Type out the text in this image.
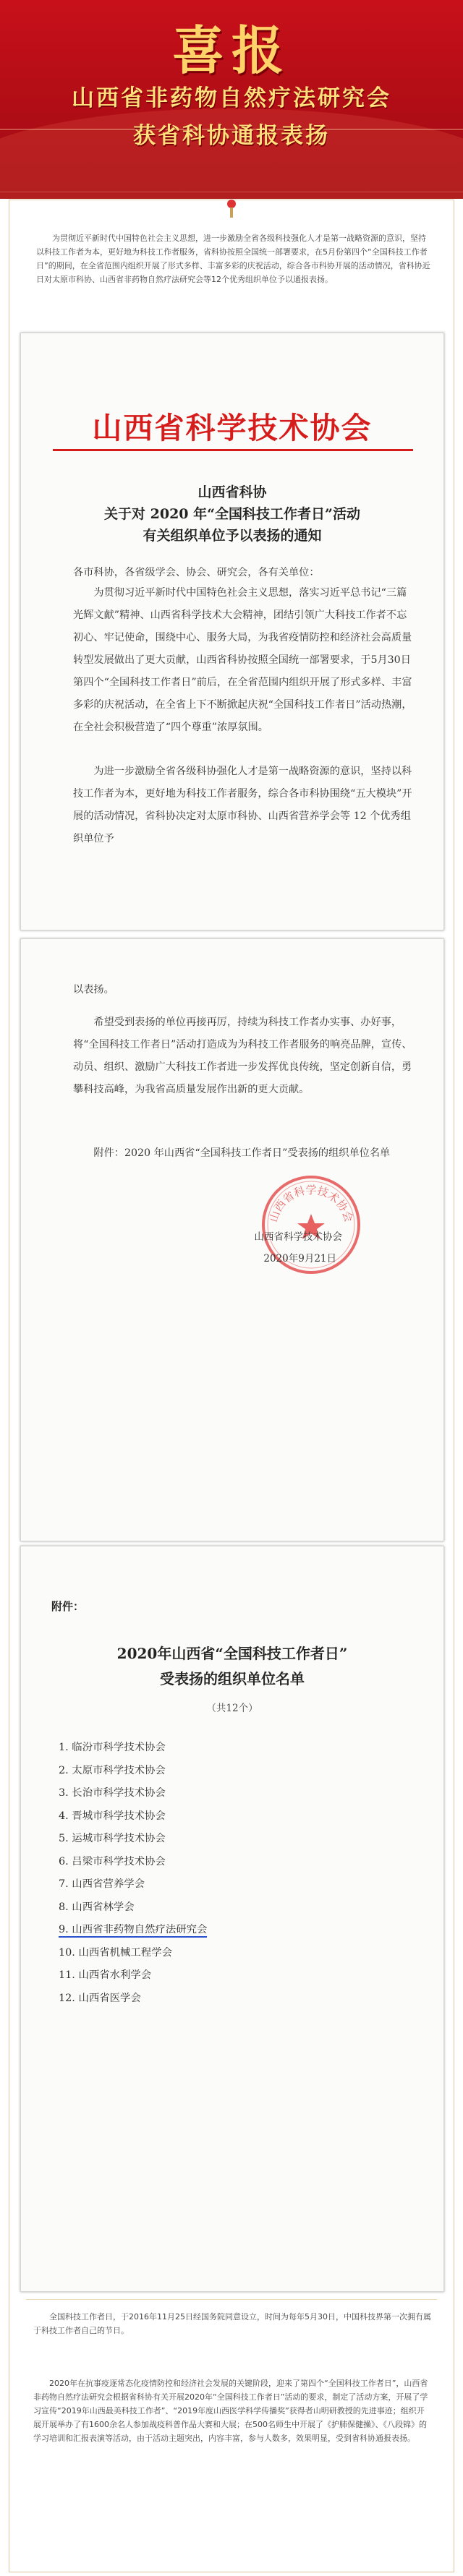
喜报
山西省非药物自然疗法研究会
获省科协通报表扬
为贯彻近平新时代中国特色社会主义思想，进一步激励全省各级科技强化人才是第一战略资源的意识，坚持以科技工作者为本，更好地为科技工作者服务，省科协按照全国统一部署要求，在5月份第四个“全国科技工作者日”的期间，在全省范围内组织开展了形式多样、丰富多彩的庆祝活动，综合各市科协开展的活动情况，省科协近日对太原市科协、山西省非药物自然疗法研究会等12个优秀组织单位予以通报表扬。
山西省科学技术协会
山西省科协
关于对 2020 年“全国科技工作者日”活动
有关组织单位予以表扬的通知
各市科协，各省级学会、协会、研究会，各有关单位：
为贯彻习近平新时代中国特色社会主义思想，落实习近平总书记“三篇光辉文献”精神、山西省科学技术大会精神，团结引领广大科技工作者不忘初心、牢记使命，围绕中心、服务大局，为我省疫情防控和经济社会高质量转型发展做出了更大贡献，山西省科协按照全国统一部署要求，于5月30日第四个“全国科技工作者日”前后，在全省范围内组织开展了形式多样、丰富多彩的庆祝活动，在全省上下不断掀起庆祝“全国科技工作者日”活动热潮，在全社会积极营造了“四个尊重”浓厚氛围。
为进一步激励全省各级科协强化人才是第一战略资源的意识，坚持以科技工作者为本，更好地为科技工作者服务，综合各市科协围绕“五大模块”开展的活动情况，省科协决定对太原市科协、山西省营养学会等 12 个优秀组织单位予
以表扬。
希望受到表扬的单位再接再厉，持续为科技工作者办实事、办好事，将“全国科技工作者日”活动打造成为为科技工作者服务的响亮品牌，宣传、动员、组织、激励广大科技工作者进一步发挥优良传统，坚定创新自信，勇攀科技高峰，为我省高质量发展作出新的更大贡献。
附件：2020 年山西省“全国科技工作者日”受表扬的组织单位名单
山西省科学技术协会
山西省科学技术协会
2020年9月21日
附件：
2020年山西省“全国科技工作者日”
受表扬的组织单位名单
（共12个）
1. 临汾市科学技术协会
2. 太原市科学技术协会
3. 长治市科学技术协会
4. 晋城市科学技术协会
5. 运城市科学技术协会
6. 吕梁市科学技术协会
7. 山西省营养学会
8. 山西省林学会
9. 山西省非药物自然疗法研究会
10. 山西省机械工程学会
11. 山西省水利学会
12. 山西省医学会
全国科技工作者日，于2016年11月25日经国务院同意设立，时间为每年5月30日，中国科技界第一次拥有属于科技工作者自己的节日。
2020年在抗事疫逐常态化疫情防控和经济社会发展的关键阶段，迎来了第四个“全国科技工作者日”，山西省非药物自然疗法研究会根据省科协有关开展2020年“全国科技工作者日”活动的要求，制定了活动方案，开展了学习宣传“2019年山西最美科技工作者”、“2019年度山西医学科学传播奖”获得者山明研教授的先进事迹；组织开展开展举办了有1600余名人参加战疫科普作品大赛和大展；在500名师生中开展了《护肺保健操》、《八段锦》的学习培训和汇报表演等活动，由于活动主题突出，内容丰富，参与人数多，效果明显，受到省科协通报表扬。
